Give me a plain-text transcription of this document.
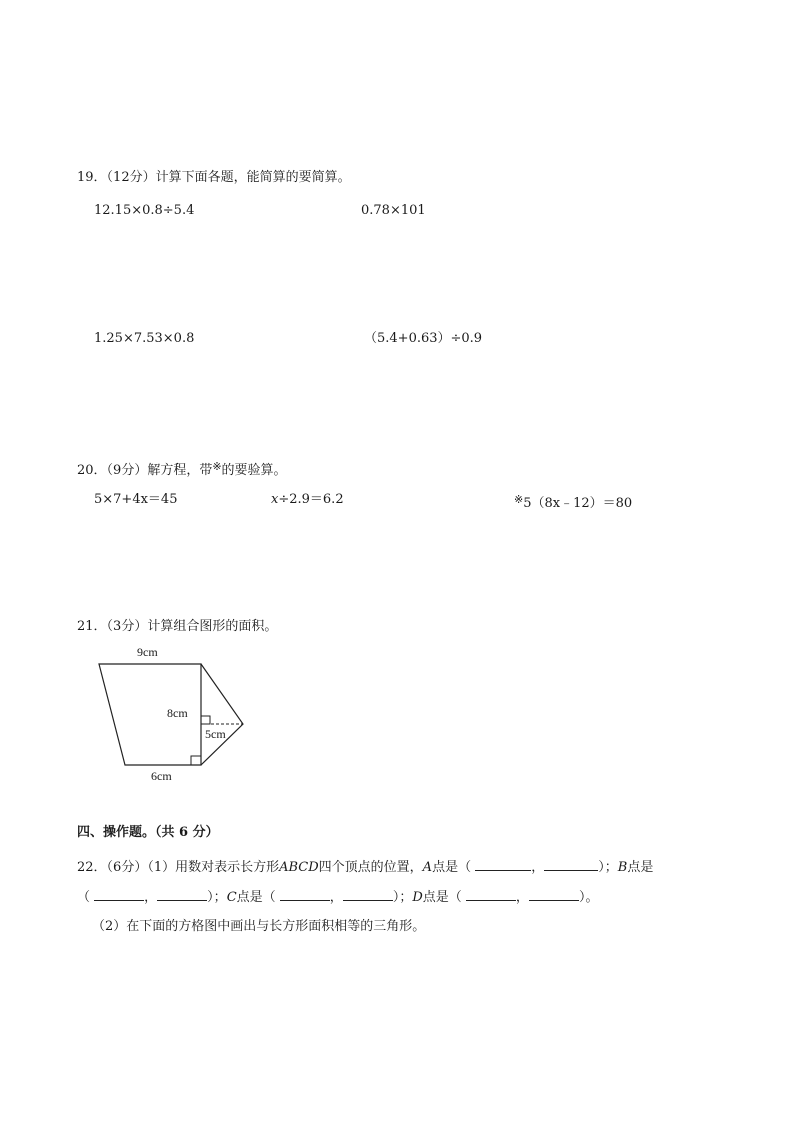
19．（12分）计算下面各题，能简算的要简算。
12.15×0.8÷5.4	0.78×101
1.25×7.53×0.8	（5.4+0.63）÷0.9
20．（9分）解方程，带※的要验算。
5×7+4x＝45	x÷2.9＝6.2	※5（8x﹣12）＝80
21．（3分）计算组合图形的面积。
9cm
8cm
5cm
6cm
四、操作题。（共 6 分）
22．（6分）（1）用数对表示长方形ABCD四个顶点的位置，A点是（	，	）；B点是
（	，	）；C点是（	，	）；D点是（	，	）。
（2）在下面的方格图中画出与长方形面积相等的三角形。
